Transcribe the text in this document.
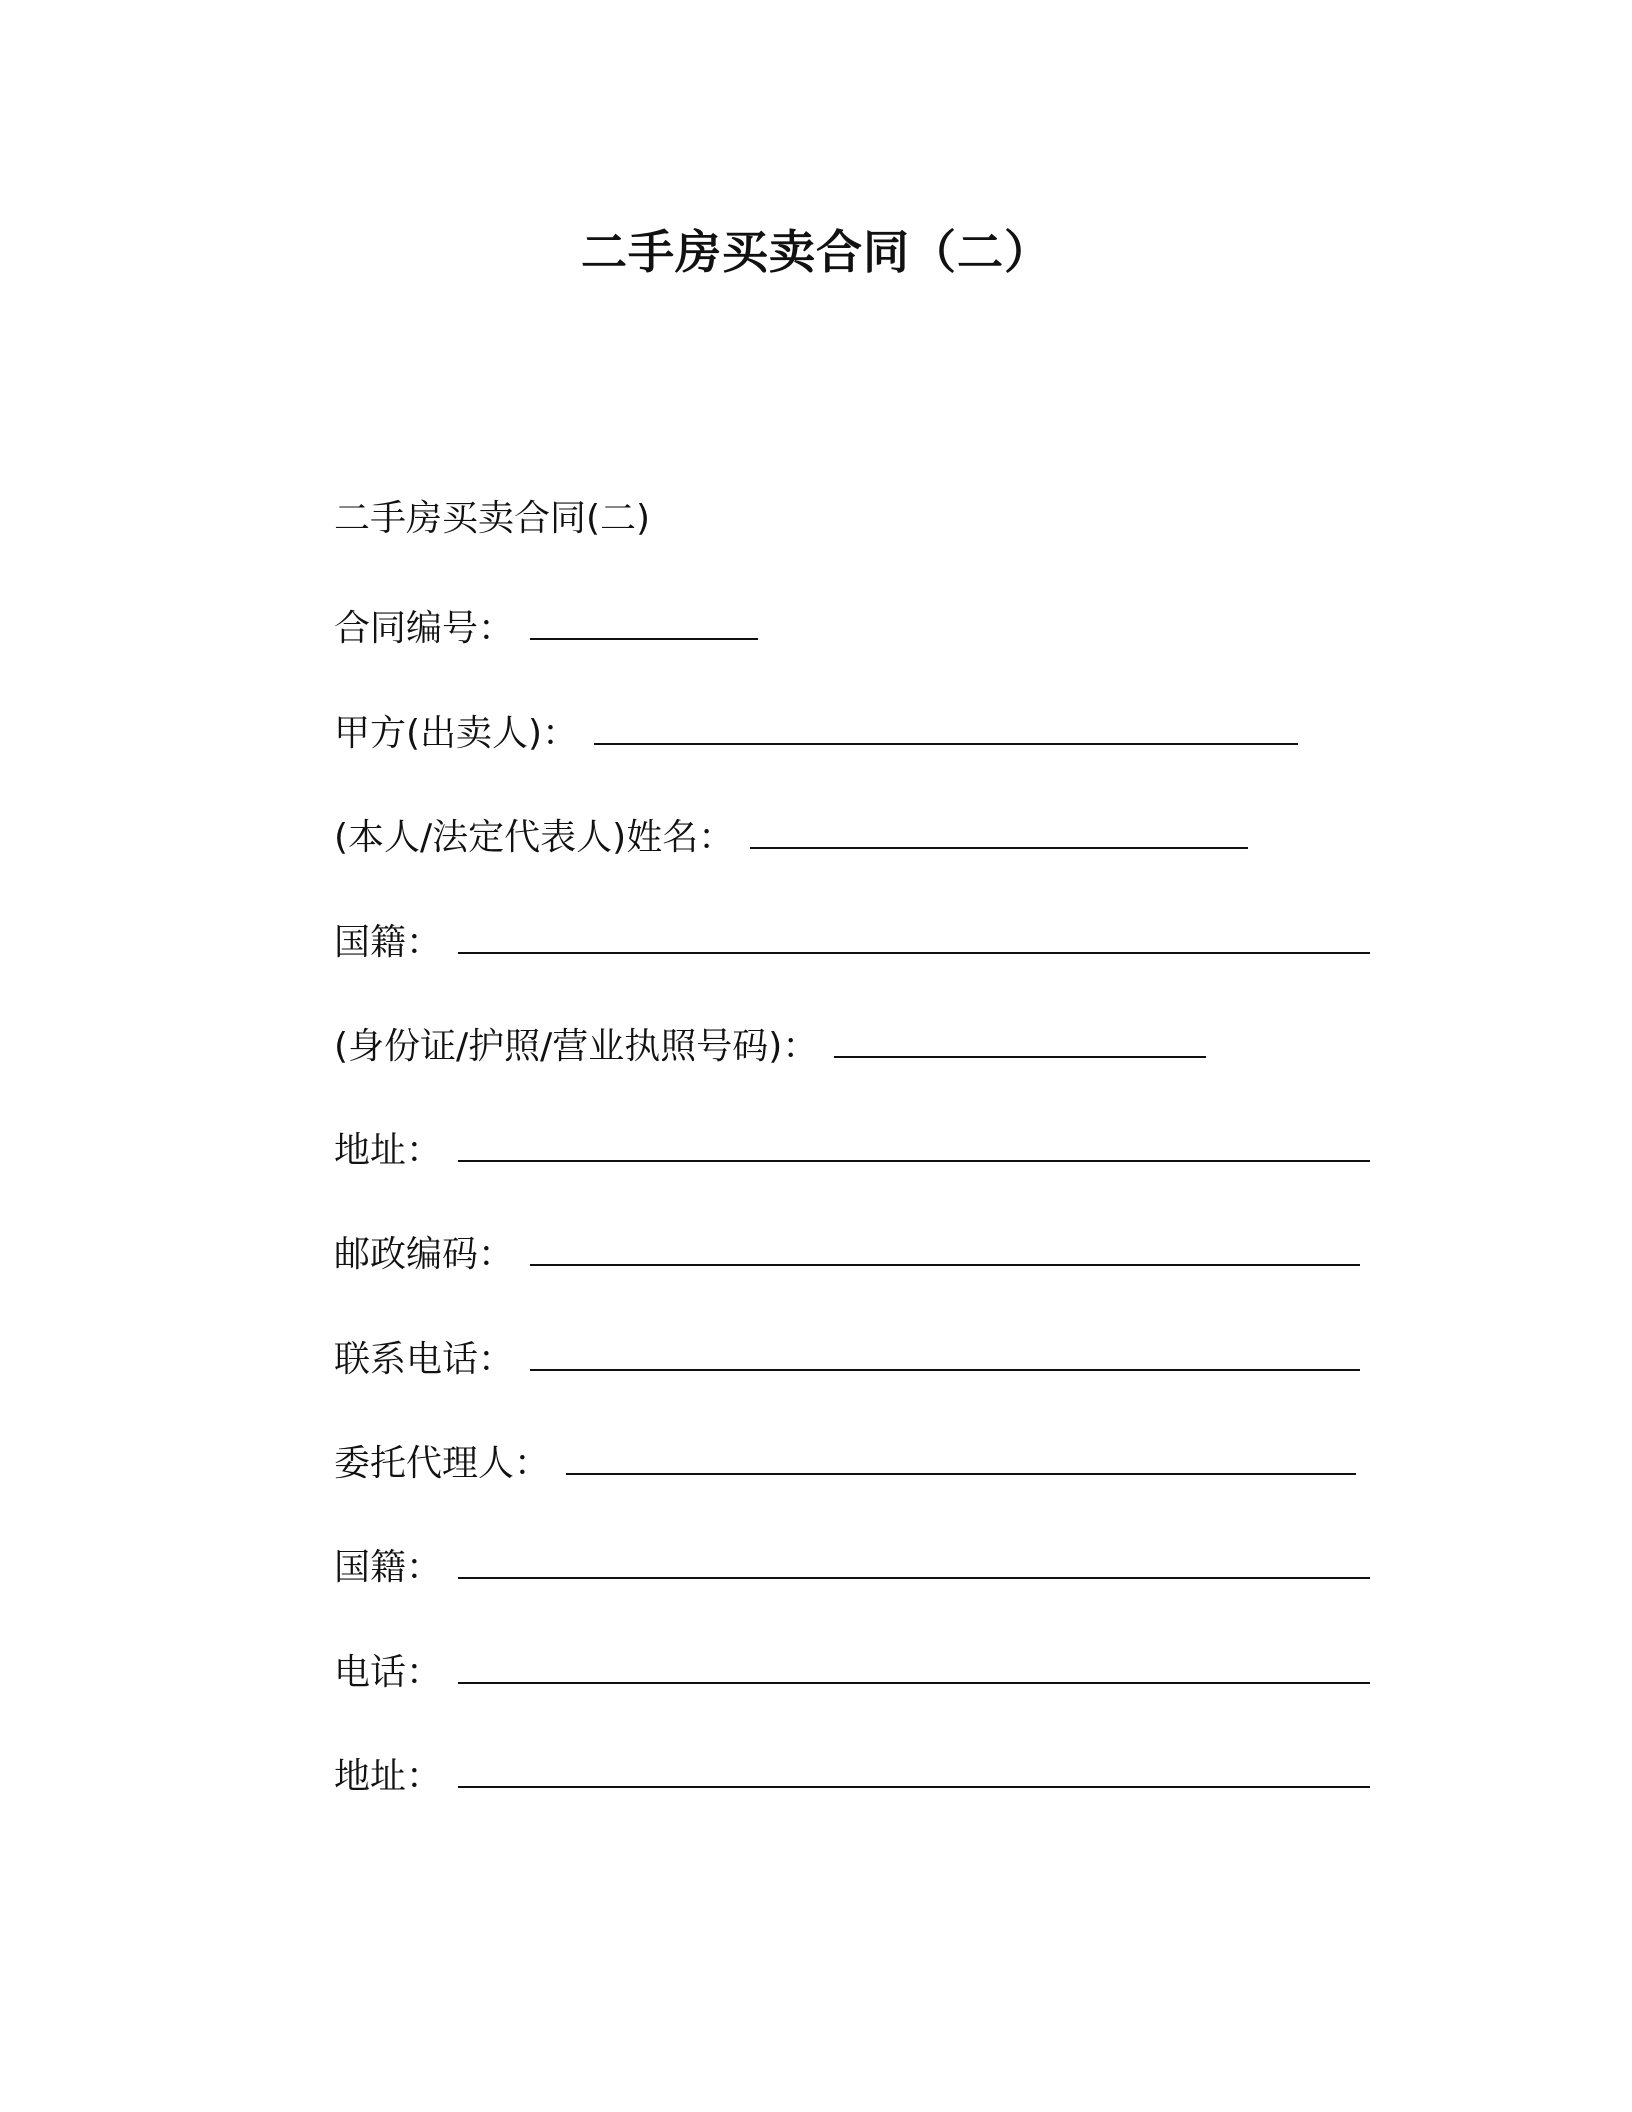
二手房买卖合同（二）
二手房买卖合同(二)
合同编号：
甲方(出卖人)：
(本人/法定代表人)姓名：
国籍：
(身份证/护照/营业执照号码)：
地址：
邮政编码：
联系电话：
委托代理人：
国籍：
电话：
地址：
